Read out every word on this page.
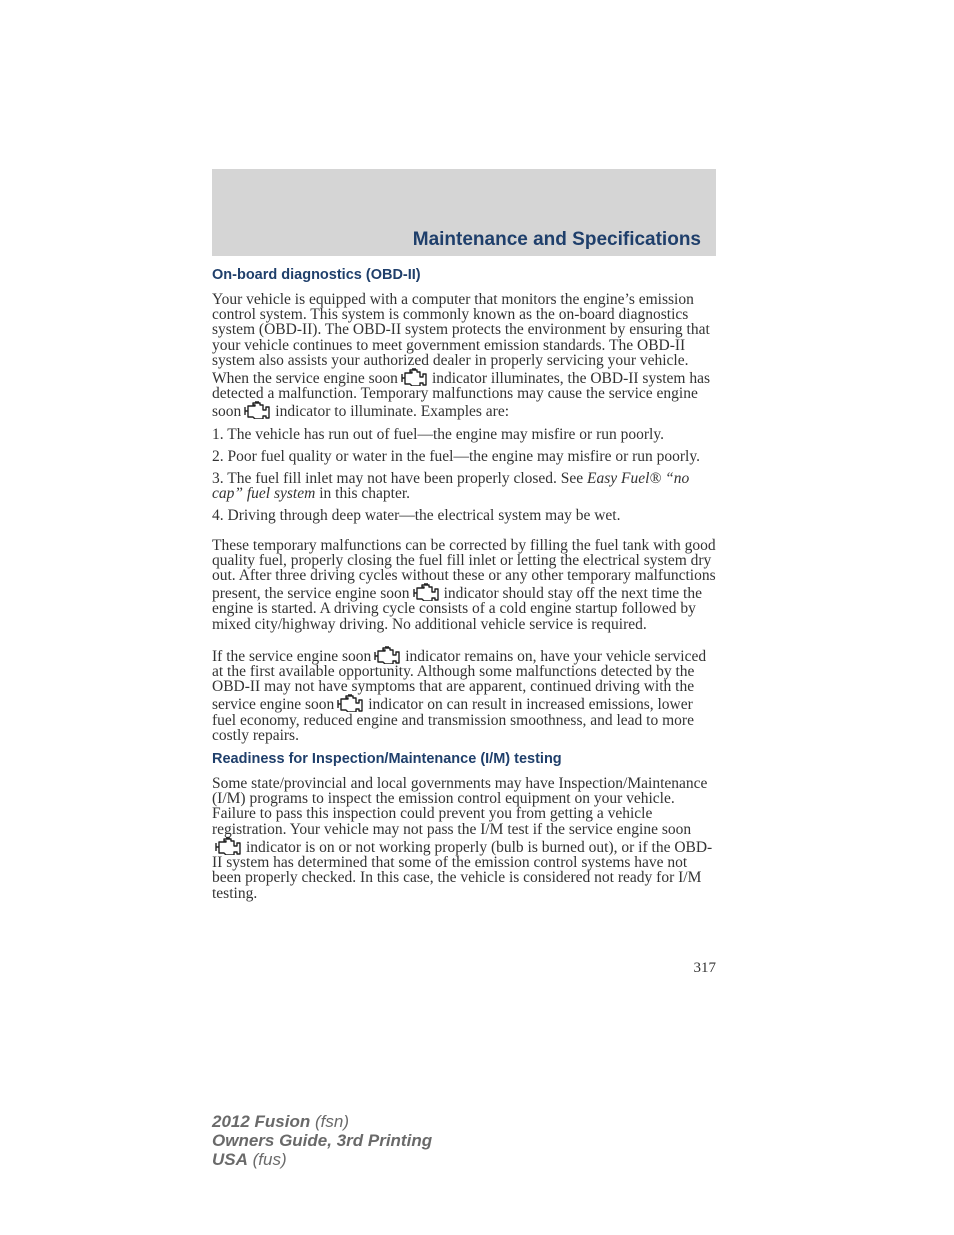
Maintenance and Specifications
On-board diagnostics (OBD-II)

Your vehicle is equipped with a computer that monitors the engine’s emission control system. This system is commonly known as the on-board diagnostics system (OBD-II). The OBD-II system protects the environment by ensuring that your vehicle continues to meet government emission standards. The OBD-II system also assists your authorized dealer in properly servicing your vehicle. When the service engine soon indicator illuminates, the OBD-II system has detected a malfunction. Temporary malfunctions may cause the service engine soon indicator to illuminate. Examples are:

1. The vehicle has run out of fuel—the engine may misfire or run poorly.

2. Poor fuel quality or water in the fuel—the engine may misfire or run poorly.

3. The fuel fill inlet may not have been properly closed. See Easy Fuel® “no cap” fuel system in this chapter.

4. Driving through deep water—the electrical system may be wet.

These temporary malfunctions can be corrected by filling the fuel tank with good quality fuel, properly closing the fuel fill inlet or letting the electrical system dry out. After three driving cycles without these or any other temporary malfunctions present, the service engine soon indicator should stay off the next time the engine is started. A driving cycle consists of a cold engine startup followed by mixed city/highway driving. No additional vehicle service is required.

If the service engine soon indicator remains on, have your vehicle serviced at the first available opportunity. Although some malfunctions detected by the OBD-II may not have symptoms that are apparent, continued driving with the service engine soon indicator on can result in increased emissions, lower fuel economy, reduced engine and transmission smoothness, and lead to more costly repairs.

Readiness for Inspection/Maintenance (I/M) testing

Some state/provincial and local governments may have Inspection/Maintenance (I/M) programs to inspect the emission control equipment on your vehicle. Failure to pass this inspection could prevent you from getting a vehicle registration. Your vehicle may not pass the I/M test if the service engine soonindicator is on or not working properly (bulb is burned out), or if the OBD-II system has determined that some of the emission control systems have not been properly checked. In this case, the vehicle is considered not ready for I/M testing.

317
2012 Fusion (fsn)
Owners Guide, 3rd Printing
USA (fus)
